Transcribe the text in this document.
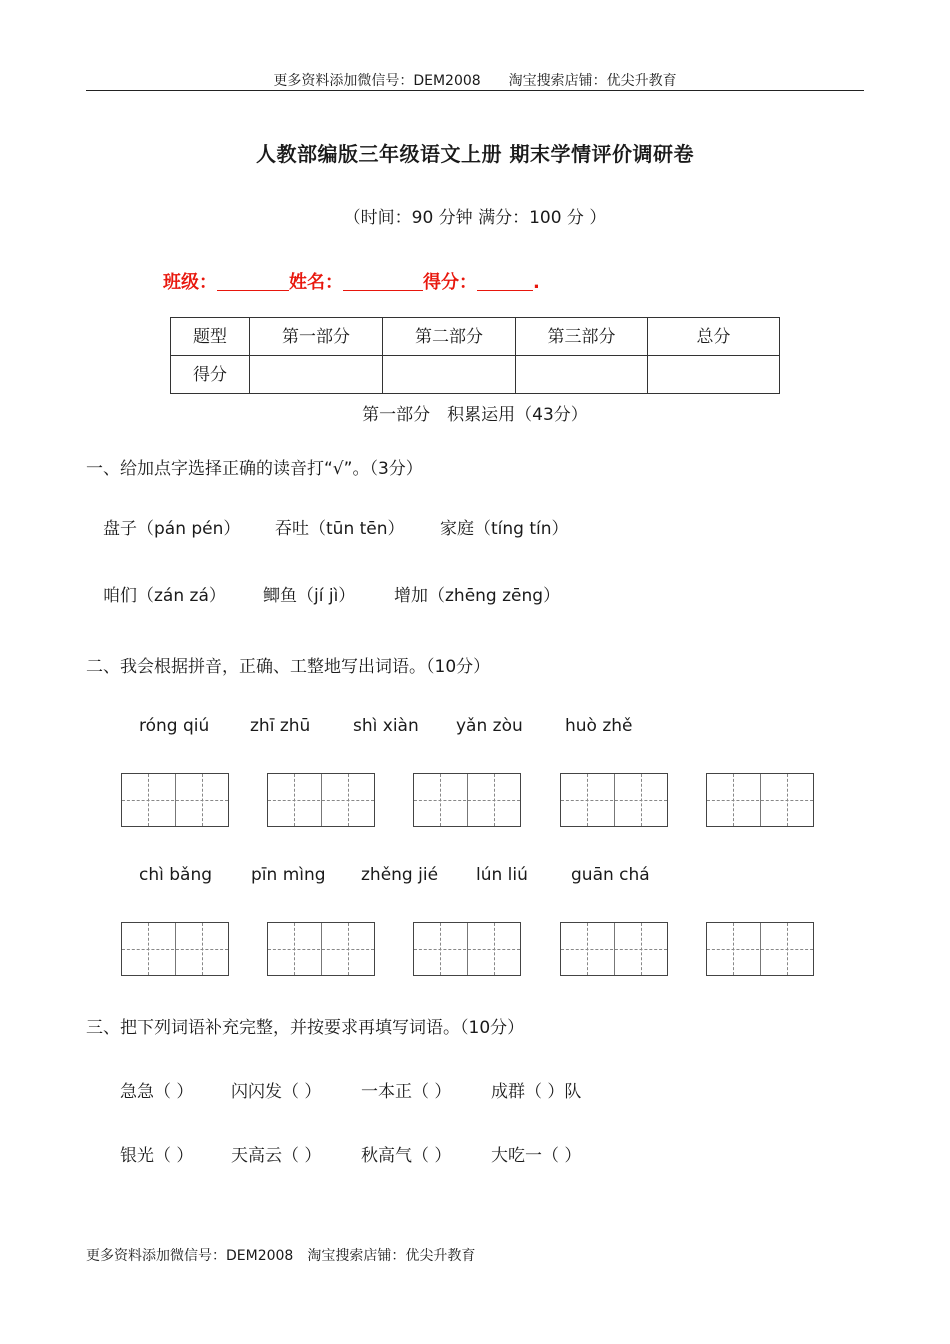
更多资料添加微信号：DEM2008　　淘宝搜索店铺：优尖升教育
人教部编版三年级语文上册 期末学情评价调研卷
（时间：90 分钟 满分：100 分 ）
班级：	姓名：	得分：	.
题型	第一部分	第二部分	第三部分	总分
得分				
第一部分　积累运用（43分）
一、给加点字选择正确的读音打“√”。（3分）
盘子（pán pén） 吞吐（tūn tēn） 家庭（tíng tín）
咱们（zán zá） 鲫鱼（jí jì） 增加（zhēng zēng）
二、我会根据拼音，正确、工整地写出词语。（10分）
róng qiú zhī zhū	shì xiàn yǎn zòu huò zhě
chì bǎng pīn mìng zhěng jié lún liú	guān chá
三、把下列词语补充完整，并按要求再填写词语。（10分）
急急（ ） 闪闪发（ ） 一本正（ ） 成群（ ）队
银光（ ） 天高云（ ） 秋高气（ ） 大吃一（ ）
更多资料添加微信号：DEM2008　淘宝搜索店铺：优尖升教育
